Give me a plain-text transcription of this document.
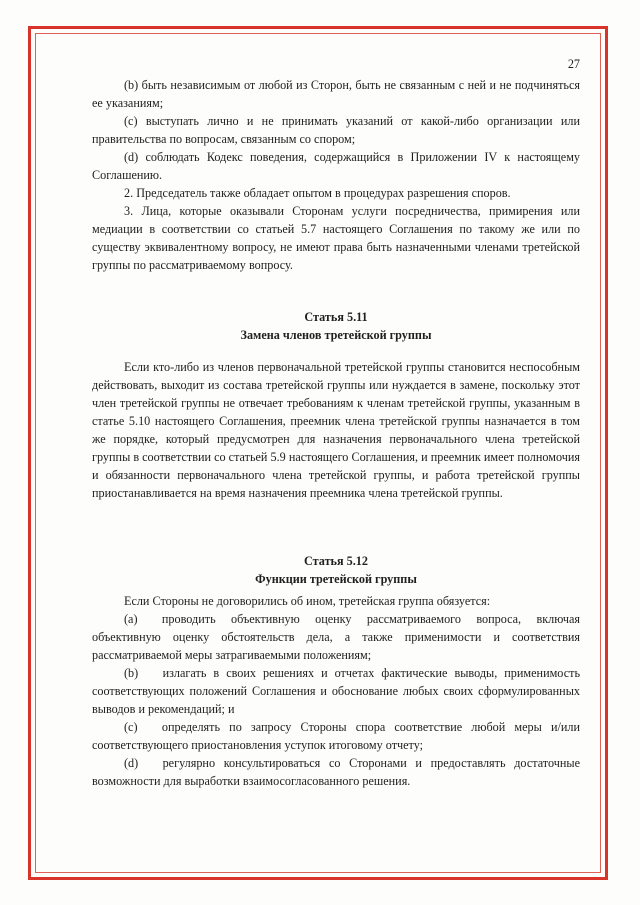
27

(b) быть независимым от любой из Сторон, быть не связанным с ней и не подчиняться ее указаниям;

(c) выступать лично и не принимать указаний от какой-либо организации или правительства по вопросам, связанным со спором;

(d) соблюдать Кодекс поведения, содержащийся в Приложении IV к настоящему Соглашению.

2. Председатель также обладает опытом в процедурах разрешения споров.

3. Лица, которые оказывали Сторонам услуги посредничества, примирения или медиации в соответствии со статьей 5.7 настоящего Соглашения по такому же или по существу эквивалентному вопросу, не имеют права быть назначенными членами третейской группы по рассматриваемому вопросу.

Статья 5.11

Замена членов третейской группы

Если кто-либо из членов первоначальной третейской группы становится неспособным действовать, выходит из состава третейской группы или нуждается в замене, поскольку этот член третейской группы не отвечает требованиям к членам третейской группы, указанным в статье 5.10 настоящего Соглашения, преемник члена третейской группы назначается в том же порядке, который предусмотрен для назначения первоначального члена третейской группы в соответствии со статьей 5.9 настоящего Соглашения, и преемник имеет полномочия и обязанности первоначального члена третейской группы, и работа третейской группы приостанавливается на время назначения преемника члена третейской группы.

Статья 5.12

Функции третейской группы

Если Стороны не договорились об ином, третейская группа обязуется:

(a)  проводить объективную оценку рассматриваемого вопроса, включая объективную оценку обстоятельств дела, а также применимости и соответствия рассматриваемой меры затрагиваемыми положениям;

(b)  излагать в своих решениях и отчетах фактические выводы, применимость соответствующих положений Соглашения и обоснование любых своих сформулированных выводов и рекомендаций; и

(c)  определять по запросу Стороны спора соответствие любой меры и/или соответствующего приостановления уступок итоговому отчету;

(d)  регулярно консультироваться со Сторонами и предоставлять достаточные возможности для выработки взаимосогласованного решения.
